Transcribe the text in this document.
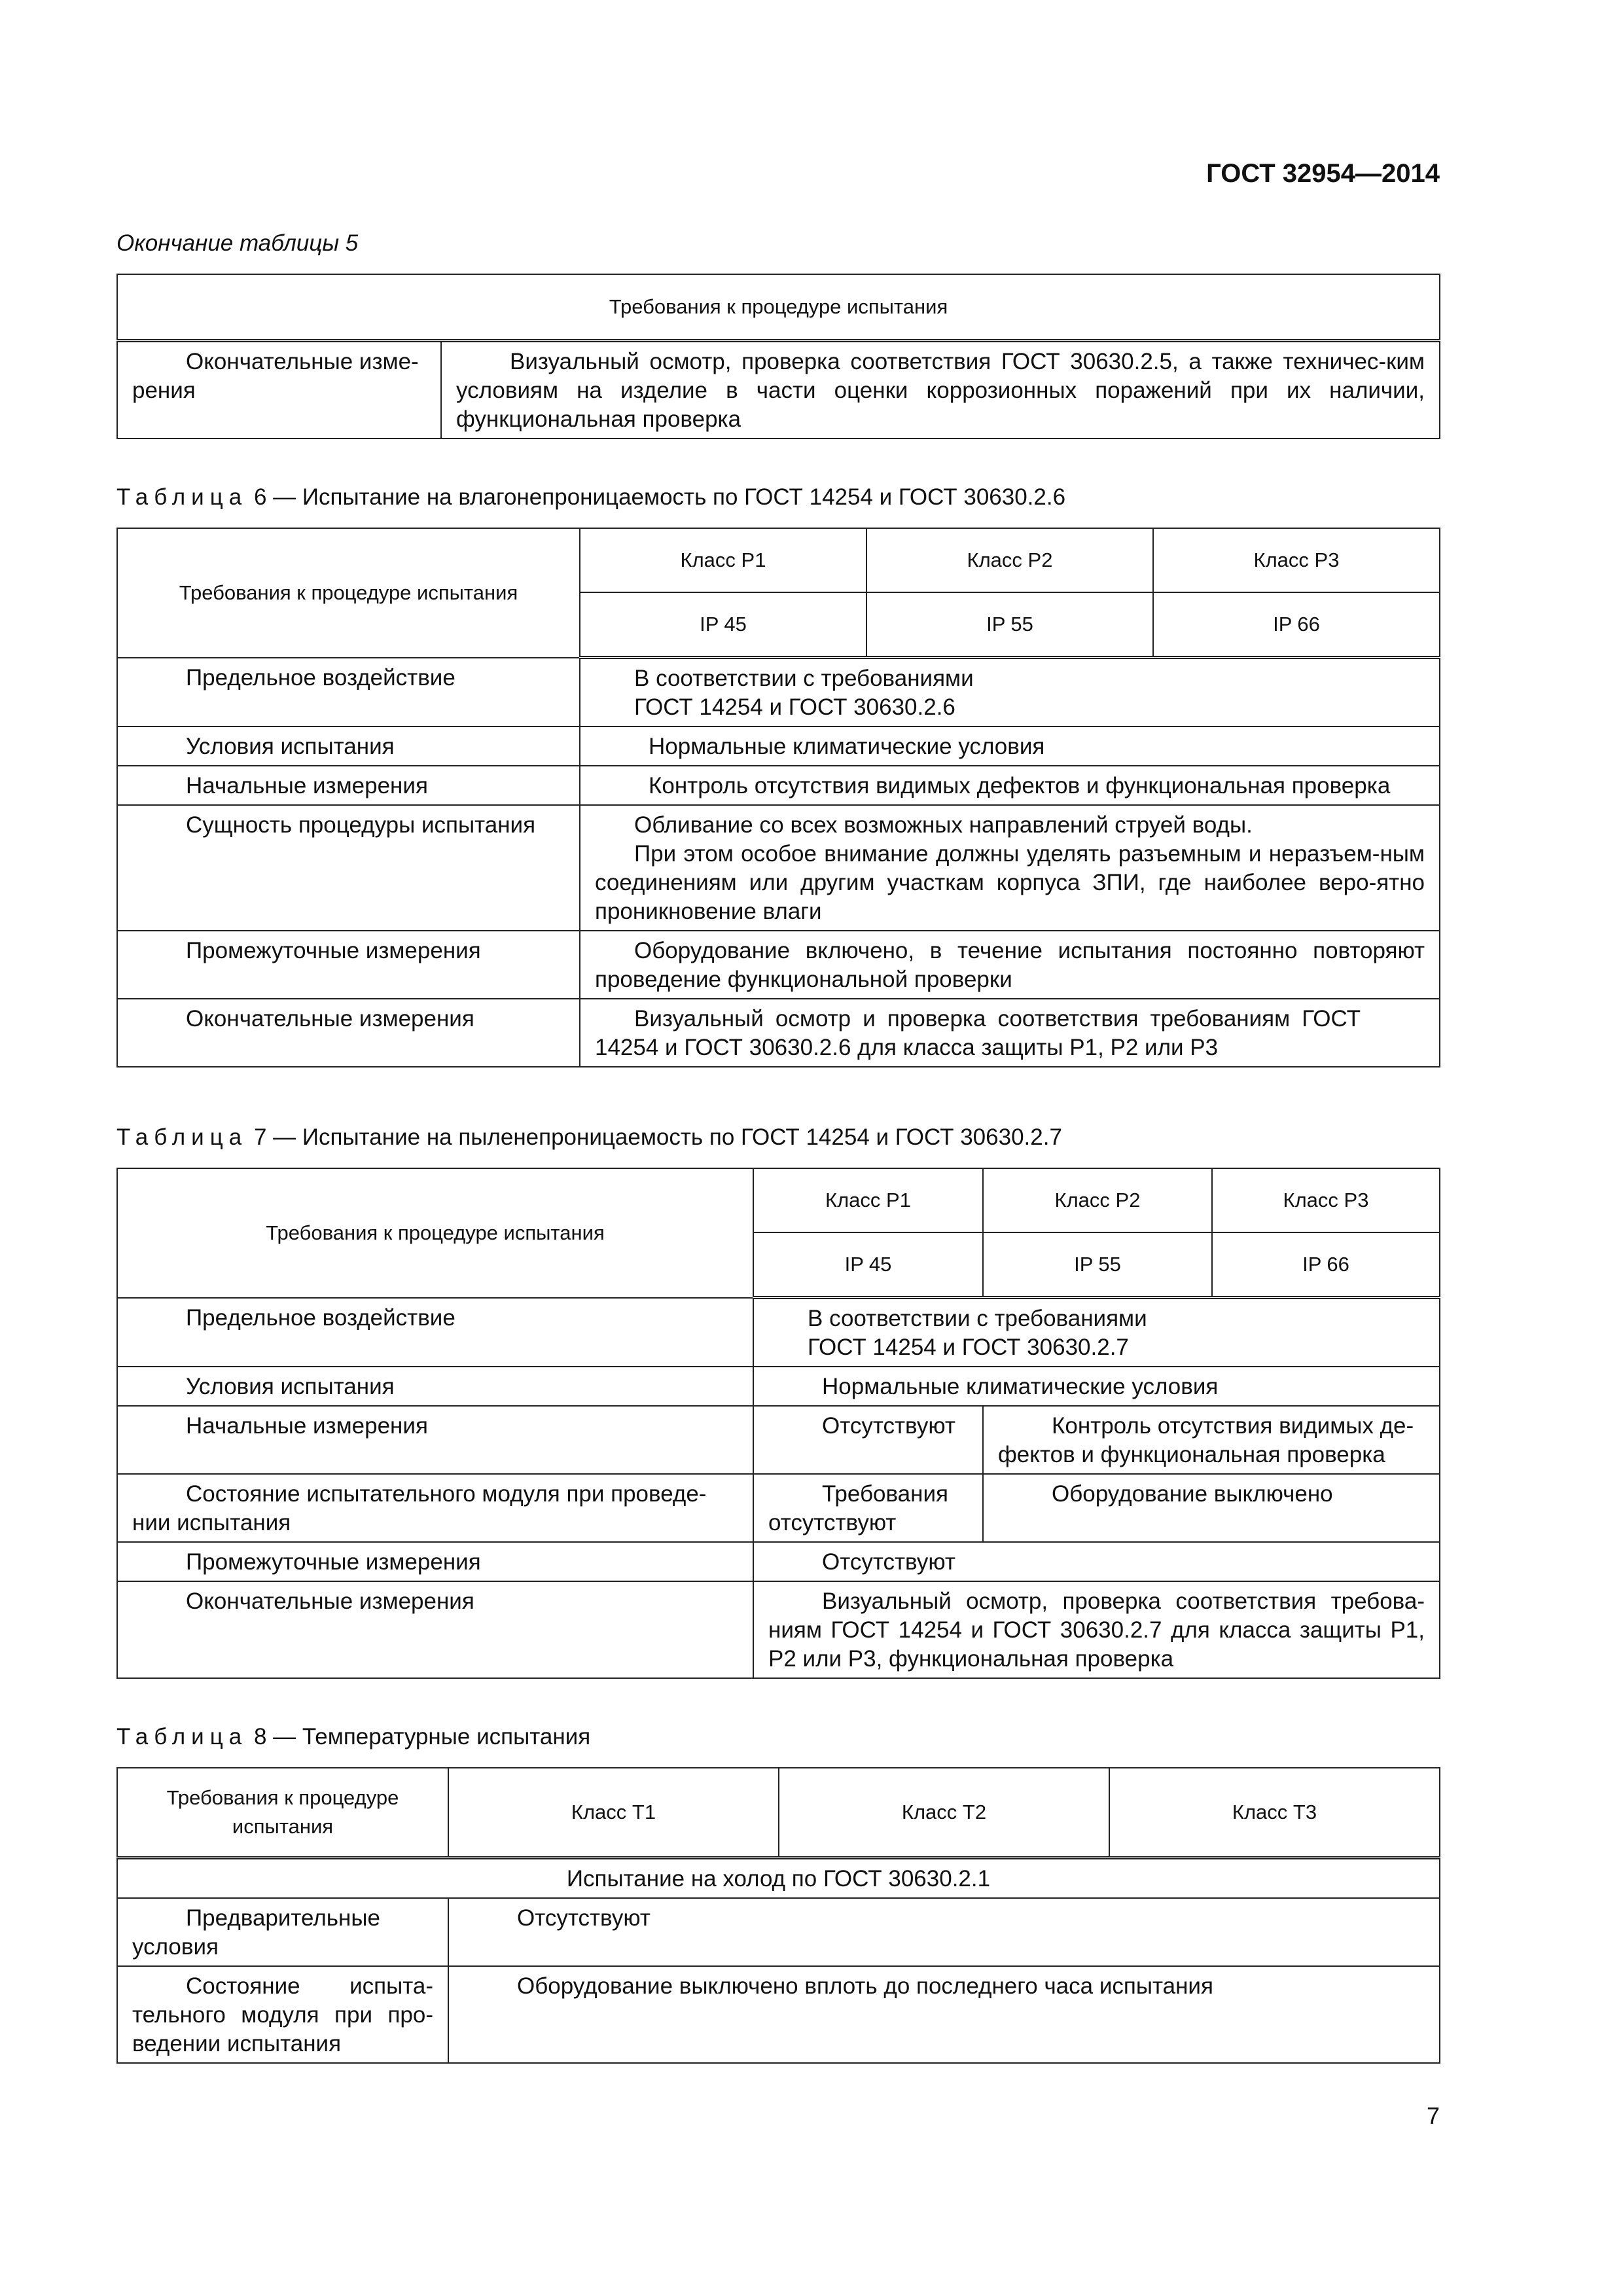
ГОСТ 32954—2014
Окончание таблицы 5
Требования к процедуре испытания
Окончательные изме-рения	Визуальный осмотр, проверка соответствия ГОСТ 30630.2.5, а также техничес-ким условиям на изделие в части оценки коррозионных поражений при их наличии, функциональная проверка
Таблица 6 — Испытание на влагонепроницаемость по ГОСТ 14254 и ГОСТ 30630.2.6
Требования к процедуре испытания	Класс Р1	Класс Р2	Класс Р3
	IP 45	IP 55	IP 66
Предельное воздействие	В соответствии с требованиями ГОСТ 14254 и ГОСТ 30630.2.6		
Условия испытания	Нормальные климатические условия		
Начальные измерения	Контроль отсутствия видимых дефектов и функциональная проверка		
Сущность процедуры испытания	Обливание со всех возможных направлений струей воды.
При этом особое внимание должны уделять разъемным и неразъем-ным соединениям или другим участкам корпуса ЗПИ, где наиболее веро-ятно проникновение влаги		

Промежуточные измерения	Оборудование включено, в течение испытания постоянно повторяют проведение функциональной проверки		
Окончательные измерения	Визуальный осмотр и проверка соответствия требованиям ГОСТ 14254 и ГОСТ 30630.2.6 для класса защиты Р1, Р2 или Р3		
Таблица 7 — Испытание на пыленепроницаемость по ГОСТ 14254 и ГОСТ 30630.2.7
Требования к процедуре испытания	Класс Р1	Класс Р2	Класс Р3
	IP 45	IP 55	IP 66
Предельное воздействие	В соответствии с требованиями ГОСТ 14254 и ГОСТ 30630.2.7		
Условия испытания	Нормальные климатические условия		
Начальные измерения	Отсутствуют	Контроль отсутствия видимых де-фектов и функциональная проверка	
Состояние испытательного модуля при проведе-нии испытания	Требования отсутствуют	Оборудование выключено	
Промежуточные измерения	Отсутствуют		
Окончательные измерения	Визуальный осмотр, проверка соответствия требова-ниям ГОСТ 14254 и ГОСТ 30630.2.7 для класса защиты Р1, Р2 или Р3, функциональная проверка		
Таблица 8 — Температурные испытания
Требования к процедуре испытания	Класс Т1	Класс Т2	Класс Т3
Испытание на холод по ГОСТ 30630.2.1			
Предварительные условия	Отсутствуют		
Состояние испыта-тельного модуля при про-ведении испытания	Оборудование выключено вплоть до последнего часа испытания		
7
